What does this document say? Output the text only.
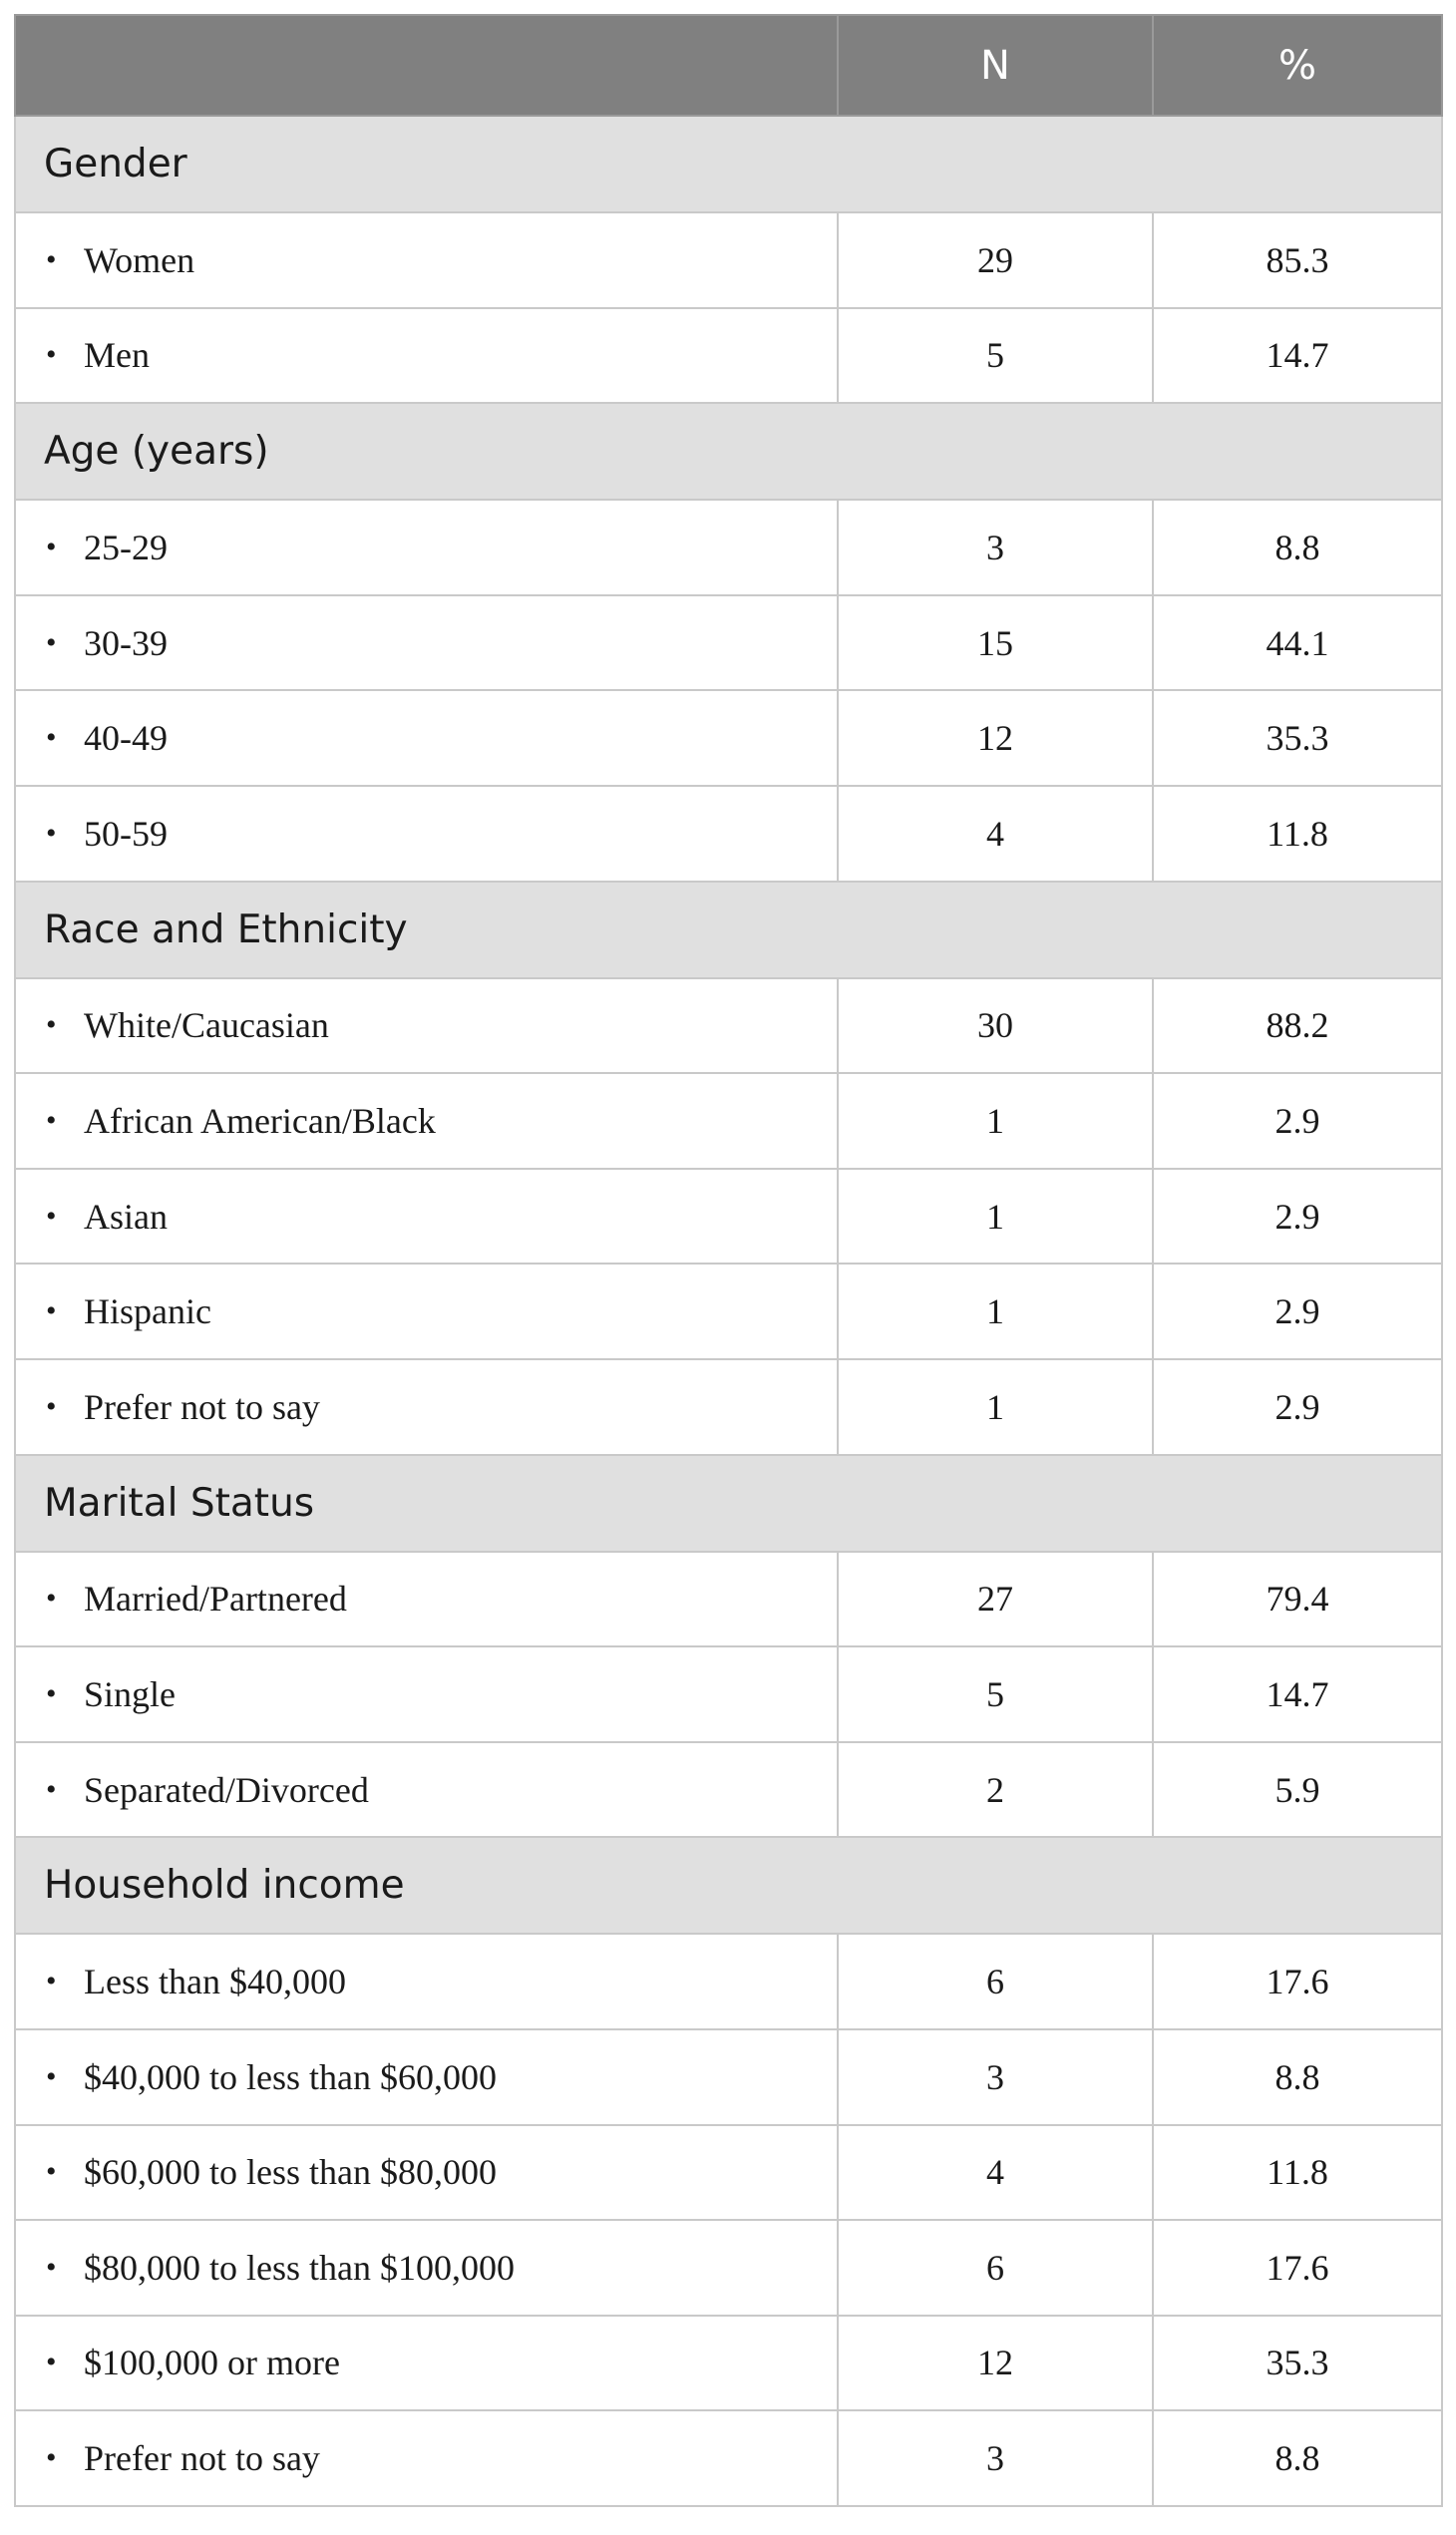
	N	%
Gender		

• Women	29	85.3

• Men	5	14.7
Age (years)		

• 25-29	3	8.8

• 30-39	15	44.1

• 40-49	12	35.3

• 50-59	4	11.8
Race and Ethnicity		

• White/Caucasian	30	88.2

• African American/Black	1	2.9

• Asian	1	2.9

• Hispanic	1	2.9

• Prefer not to say	1	2.9
Marital Status		

• Married/Partnered	27	79.4

• Single	5	14.7

• Separated/Divorced	2	5.9
Household income		

• Less than $40,000	6	17.6

• $40,000 to less than $60,000	3	8.8

• $60,000 to less than $80,000	4	11.8

• $80,000 to less than $100,000	6	17.6

• $100,000 or more	12	35.3

• Prefer not to say	3	8.8
